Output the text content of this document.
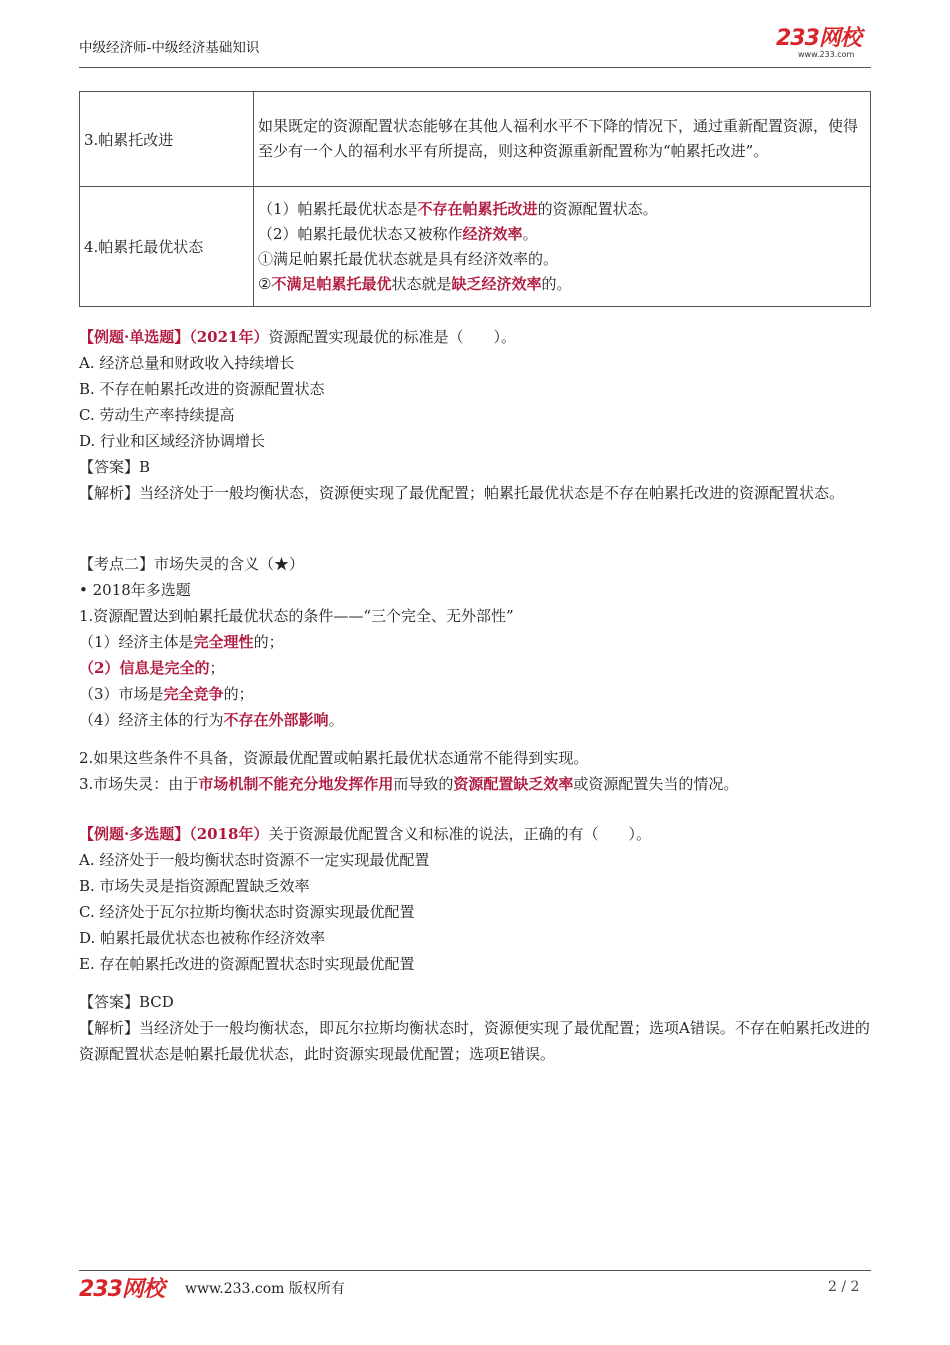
中级经济师-中级经济基础知识	233网校
www.233.com
3.帕累托改进	如果既定的资源配置状态能够在其他人福利水平不下降的情况下，通过重新配置资源，使得至少有一个人的福利水平有所提高，则这种资源重新配置称为“帕累托改进”。
4.帕累托最优状态	（1）帕累托最优状态是不存在帕累托改进的资源配置状态。
（2）帕累托最优状态又被称作经济效率。
①满足帕累托最优状态就是具有经济效率的。
②不满足帕累托最优状态就是缺乏经济效率的。

【例题·单选题】（2021年）资源配置实现最优的标准是（　　）。

A. 经济总量和财政收入持续增长

B. 不存在帕累托改进的资源配置状态

C. 劳动生产率持续提高

D. 行业和区域经济协调增长

【答案】B

【解析】当经济处于一般均衡状态，资源便实现了最优配置；帕累托最优状态是不存在帕累托改进的资源配置状态。

【考点二】市场失灵的含义（★）

• 2018年多选题

1.资源配置达到帕累托最优状态的条件——“三个完全、无外部性”

（1）经济主体是完全理性的；

（2）信息是完全的；

（3）市场是完全竞争的；

（4）经济主体的行为不存在外部影响。

2.如果这些条件不具备，资源最优配置或帕累托最优状态通常不能得到实现。

3.市场失灵：由于市场机制不能充分地发挥作用而导致的资源配置缺乏效率或资源配置失当的情况。

【例题·多选题】（2018年）关于资源最优配置含义和标准的说法，正确的有（　　）。

A. 经济处于一般均衡状态时资源不一定实现最优配置

B. 市场失灵是指资源配置缺乏效率

C. 经济处于瓦尔拉斯均衡状态时资源实现最优配置

D. 帕累托最优状态也被称作经济效率

E. 存在帕累托改进的资源配置状态时实现最优配置

【答案】BCD

【解析】当经济处于一般均衡状态，即瓦尔拉斯均衡状态时，资源便实现了最优配置；选项A错误。不存在帕累托改进的资源配置状态是帕累托最优状态，此时资源实现最优配置；选项E错误。

233网校 www.233.com 版权所有	2 / 2
